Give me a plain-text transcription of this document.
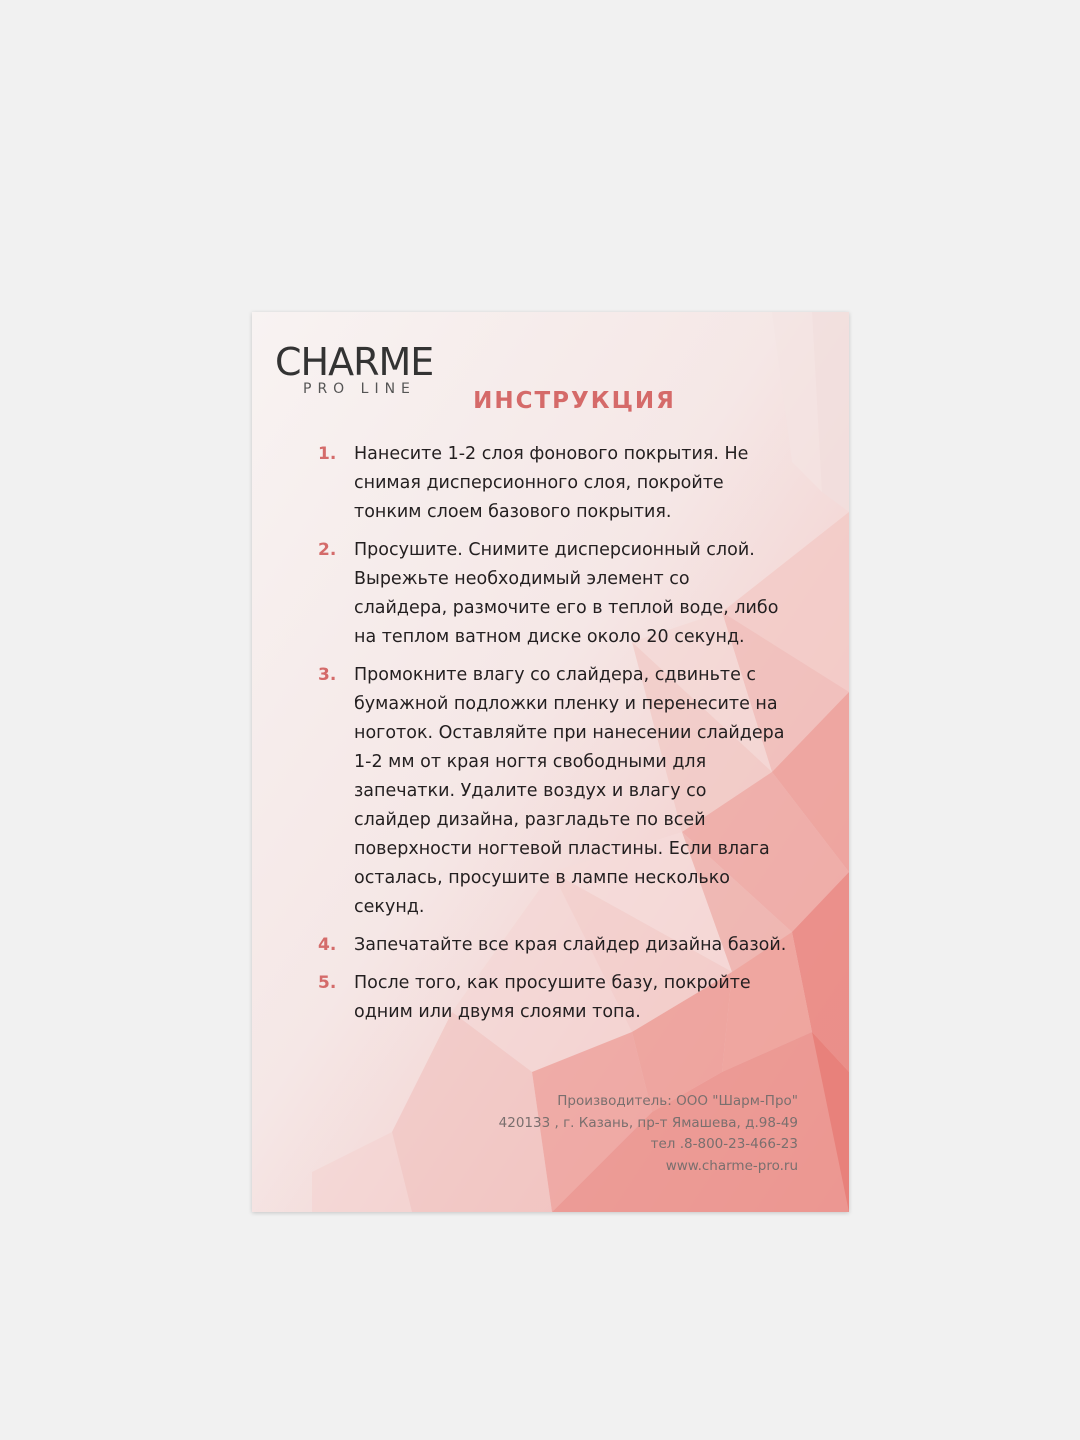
CHARME
PRO LINE	ИНСТРУКЦИЯ
1. Нанесите 1-2 слоя фонового покрытия. Не снимая дисперсионного слоя, покройте тонким слоем базового покрытия.
2. Просушите. Снимите дисперсионный слой. Вырежьте необходимый элемент со слайдера, размочите его в теплой воде, либо на теплом ватном диске около 20 секунд.
3. Промокните влагу со слайдера, сдвиньте с бумажной подложки пленку и перенесите на ноготок. Оставляйте при нанесении слайдера 1-2 мм от края ногтя свободными для запечатки. Удалите воздух и влагу со слайдер дизайна, разгладьте по всей поверхности ногтевой пластины. Если влага осталась, просушите в лампе несколько секунд.
4. Запечатайте все края слайдер дизайна базой.
5. После того, как просушите базу, покройте одним или двумя слоями топа.
Производитель: ООО "Шарм-Про"
420133 , г. Казань, пр-т Ямашева, д.98-49
тел .8-800-23-466-23
www.charme-pro.ru
